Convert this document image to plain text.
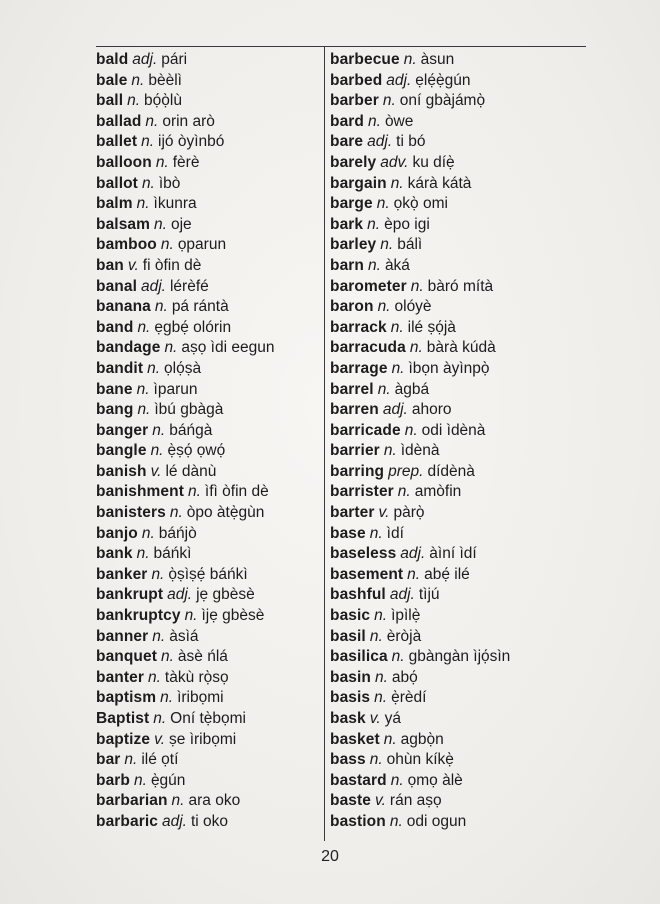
bald adj. pári
bale n. bèèlì
ball n. bọ́ọ̀lù
ballad n. orin arò
ballet n. ijó òyìnbó
balloon n. fèrè
ballot n. ìbò
balm n. ìkunra
balsam n. oje
bamboo n. ọparun
ban v. fi òfin dè
banal adj. lérèfé
banana n. pá rántà
band n. ẹgbẹ́ olórin
bandage n. aṣọ ìdi eegun
bandit n. ọlọ́ṣà
bane n. ìparun
bang n. ìbú gbàgà
banger n. báńgà
bangle n. ẹ̀ṣọ́ ọwọ́
banish v. lé dànù
banishment n. ìfì òfin dè
banisters n. òpo àtẹ̀gùn
banjo n. báńjò
bank n. báńkì
banker n. ọ̀ṣìṣẹ́ báńkì
bankrupt adj. jẹ gbèsè
bankruptcy n. ìjẹ gbèsè
banner n. àsìá
banquet n. àsè ńlá
banter n. tàkù rọ̀sọ
baptism n. ìribọmi
Baptist n. Oní tẹ̀bọmi
baptize v. ṣe ìribọmi
bar n. ilé ọtí
barb n. ẹ̀gún
barbarian n. ara oko
barbaric adj. ti oko
barbecue n. àsun
barbed adj. ẹlẹ́ẹ̀gún
barber n. oní gbàjámọ̀
bard n. òwe
bare adj. ti bó
barely adv. ku díẹ̀
bargain n. kárà kátà
barge n. ọkọ̀ omi
bark n. èpo igi
barley n. bálì
barn n. àká
barometer n. bàró mítà
baron n. olóyè
barrack n. ilé ṣọ́jà
barracuda n. bàrà kúdà
barrage n. ìbọn àyìnpọ̀
barrel n. àgbá
barren adj. ahoro
barricade n. odi ìdènà
barrier n. ìdènà
barring prep. dídènà
barrister n. amòfin
barter v. pàrọ̀
base n. ìdí
baseless adj. àìní ìdí
basement n. abẹ́ ilé
bashful adj. tìjú
basic n. ìpìlẹ̀
basil n. èròjà
basilica n. gbàngàn ìjọ́sìn
basin n. abọ́
basis n. ẹ̀rèdí
bask v. yá
basket n. agbọ̀n
bass n. ohùn kíkẹ̀
bastard n. ọmọ àlè
baste v. rán aṣọ
bastion n. odi ogun
20
